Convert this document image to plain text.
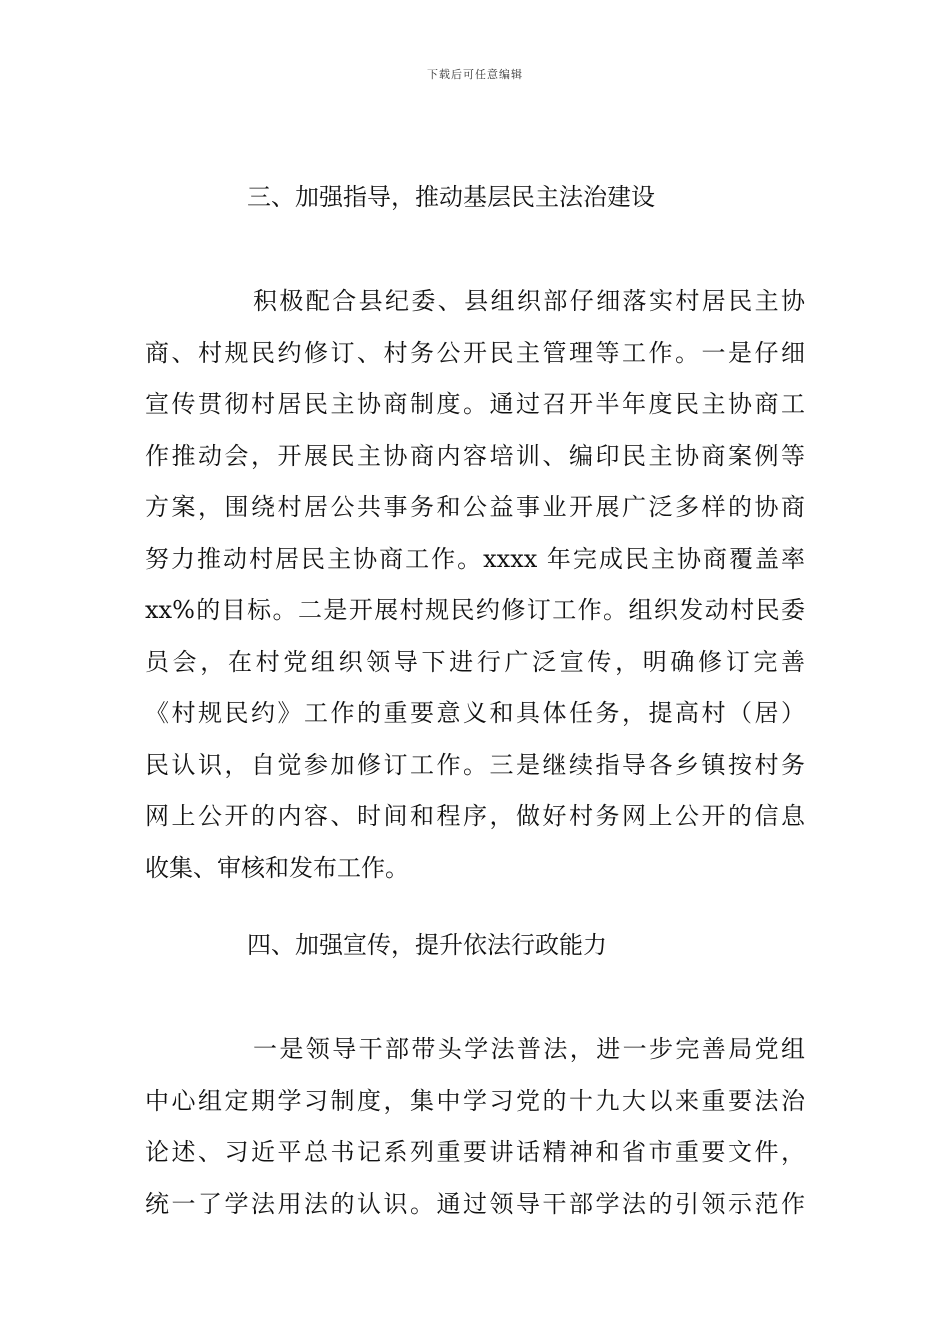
下载后可任意编辑
三、加强指导，推动基层民主法治建设
积极配合县纪委、县组织部仔细落实村居民主协
商、村规民约修订、村务公开民主管理等工作。一是仔细
宣传贯彻村居民主协商制度。通过召开半年度民主协商工
作推动会，开展民主协商内容培训、编印民主协商案例等
方案，围绕村居公共事务和公益事业开展广泛多样的协商
努力推动村居民主协商工作。xxxx 年完成民主协商覆盖率
xx%的目标。二是开展村规民约修订工作。组织发动村民委
员会，在村党组织领导下进行广泛宣传，明确修订完善
《村规民约》工作的重要意义和具体任务，提高村（居）
民认识，自觉参加修订工作。三是继续指导各乡镇按村务
网上公开的内容、时间和程序，做好村务网上公开的信息
收集、审核和发布工作。
四、加强宣传，提升依法行政能力
一是领导干部带头学法普法，进一步完善局党组
中心组定期学习制度，集中学习党的十九大以来重要法治
论述、习近平总书记系列重要讲话精神和省市重要文件，
统一了学法用法的认识。通过领导干部学法的引领示范作
